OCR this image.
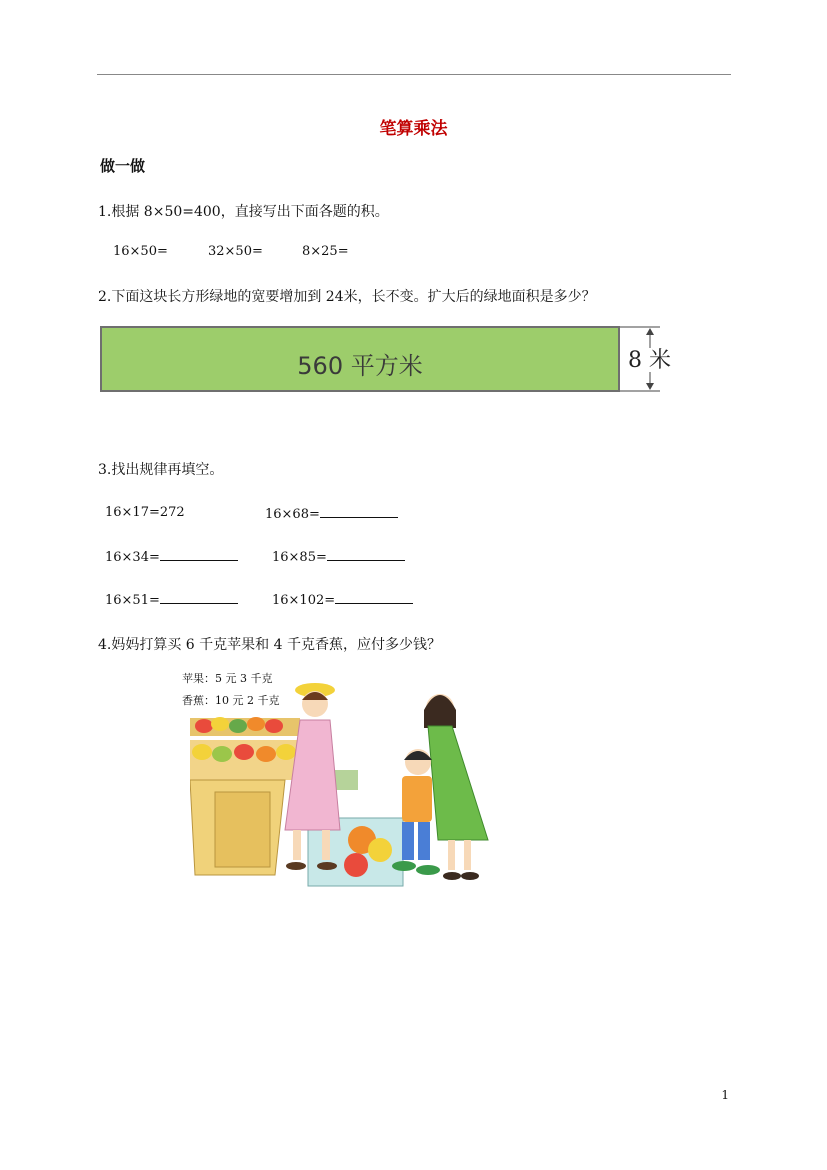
笔算乘法
做一做
1.根据 8×50=400，直接写出下面各题的积。
16×50=	32×50=	8×25=
2.下面这块长方形绿地的宽要增加到 24米，长不变。扩大后的绿地面积是多少？
560 平方米	8 米
3.找出规律再填空。
16×17=272	16×68=
16×34=	16×85=
16×51=	16×102=
4.妈妈打算买 6 千克苹果和 4 千克香蕉，应付多少钱？
苹果：5 元 3 千克
香蕉：10 元 2 千克
1
